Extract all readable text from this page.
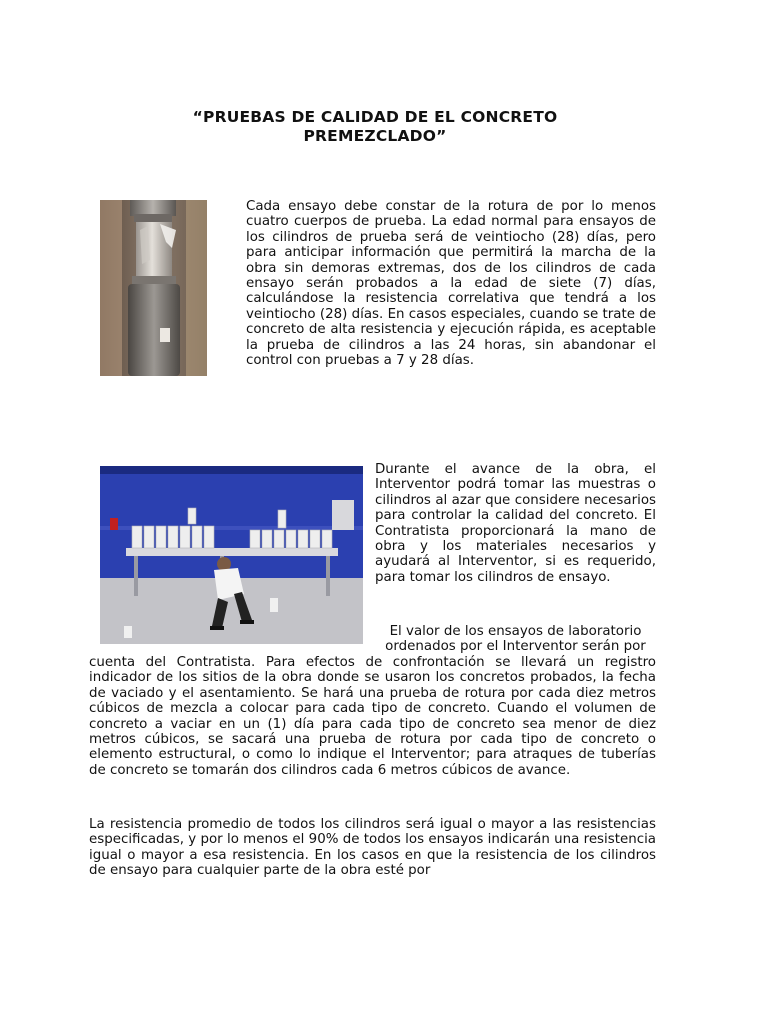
“PRUEBAS DE CALIDAD DE EL CONCRETO
PREMEZCLADO”

Cada ensayo debe constar de la rotura de por lo menos cuatro cuerpos de prueba. La edad normal para ensayos de los cilindros de prueba será de veintiocho (28) días, pero para anticipar información que permitirá la marcha de la obra sin demoras extremas, dos de los cilindros de cada ensayo serán probados a la edad de siete (7) días, calculándose la resistencia correlativa que tendrá a los veintiocho (28) días. En casos especiales, cuando se trate de concreto de alta resistencia y ejecución rápida, es aceptable la prueba de cilindros a las 24 horas, sin abandonar el control con pruebas a 7 y 28 días.

Durante el avance de la obra, el Interventor podrá tomar las muestras o cilindros al azar que considere necesarios para controlar la calidad del concreto. El Contratista proporcionará la mano de obra y los materiales necesarios y ayudará al Interventor, si es requerido, para tomar los cilindros de ensayo.

El valor de los ensayos de laboratorio ordenados por el Interventor serán por

cuenta del Contratista. Para efectos de confrontación se llevará un registro indicador de los sitios de la obra donde se usaron los concretos probados, la fecha de vaciado y el asentamiento. Se hará una prueba de rotura por cada diez metros cúbicos de mezcla a colocar para cada tipo de concreto. Cuando el volumen de concreto a vaciar en un (1) día para cada tipo de concreto sea menor de diez metros cúbicos, se sacará una prueba de rotura por cada tipo de concreto o elemento estructural, o como lo indique el Interventor; para atraques de tuberías de concreto se tomarán dos cilindros cada 6 metros cúbicos de avance.

La resistencia promedio de todos los cilindros será igual o mayor a las resistencias especificadas, y por lo menos el 90% de todos los ensayos indicarán una resistencia igual o mayor a esa resistencia. En los casos en que la resistencia de los cilindros de ensayo para cualquier parte de la obra esté por
